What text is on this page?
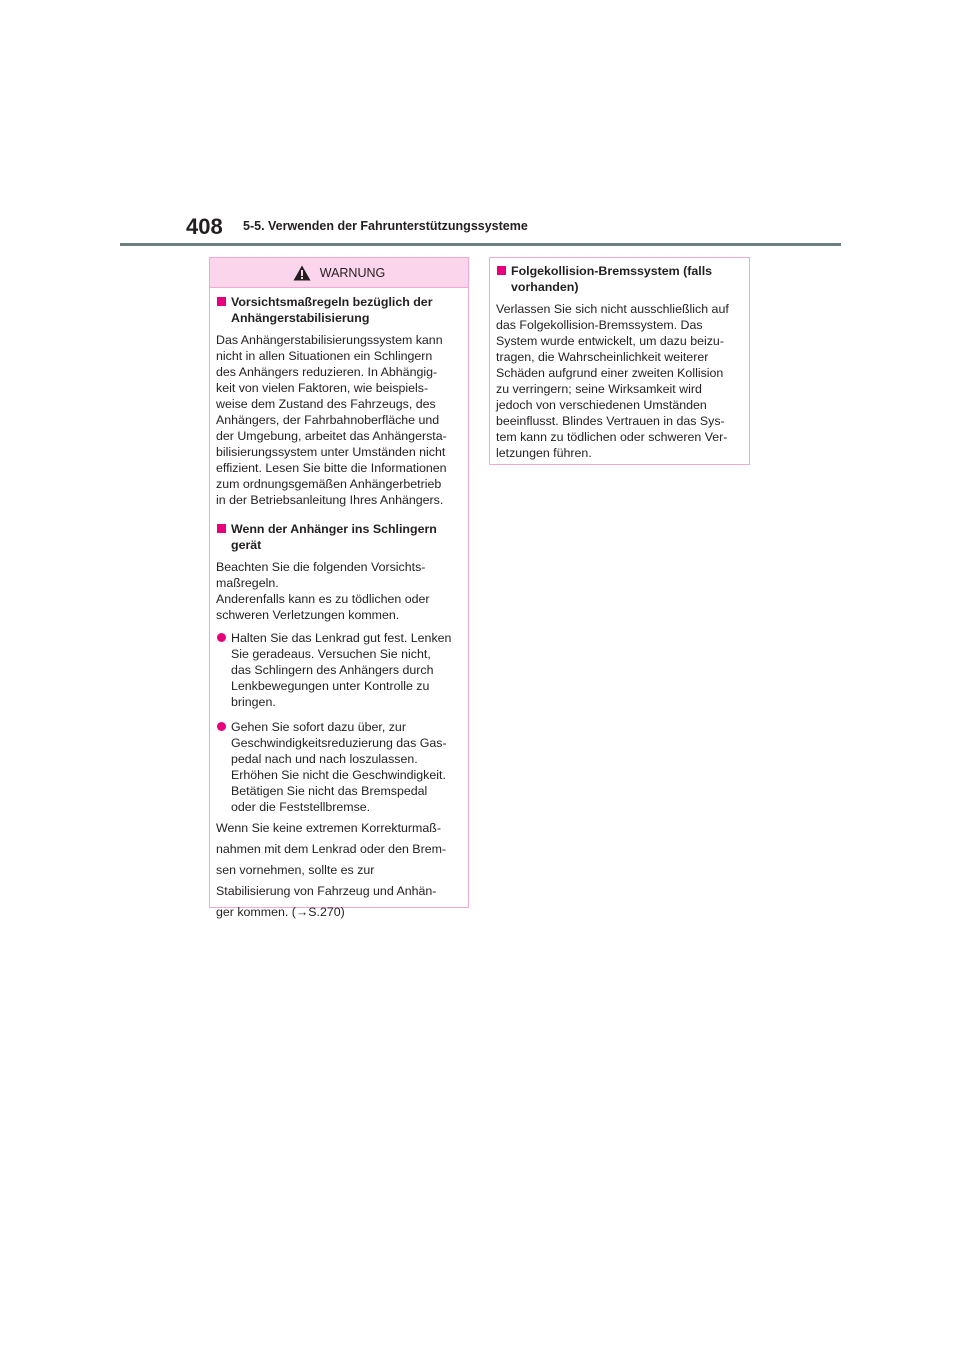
408 5-5. Verwenden der Fahrunterstützungssysteme
WARNUNG
Vorsichtsmaßregeln bezüglich der
Anhängerstabilisierung
Das Anhängerstabilisierungssystem kann
nicht in allen Situationen ein Schlingern
des Anhängers reduzieren. In Abhängig-
keit von vielen Faktoren, wie beispiels-
weise dem Zustand des Fahrzeugs, des
Anhängers, der Fahrbahnoberfläche und
der Umgebung, arbeitet das Anhängersta-
bilisierungssystem unter Umständen nicht
effizient. Lesen Sie bitte die Informationen
zum ordnungsgemäßen Anhängerbetrieb
in der Betriebsanleitung Ihres Anhängers.
Wenn der Anhänger ins Schlingern
gerät
Beachten Sie die folgenden Vorsichts-
maßregeln.
Anderenfalls kann es zu tödlichen oder
schweren Verletzungen kommen.
Halten Sie das Lenkrad gut fest. Lenken
Sie geradeaus. Versuchen Sie nicht,
das Schlingern des Anhängers durch
Lenkbewegungen unter Kontrolle zu
bringen.
Gehen Sie sofort dazu über, zur
Geschwindigkeitsreduzierung das Gas-
pedal nach und nach loszulassen.
Erhöhen Sie nicht die Geschwindigkeit.
Betätigen Sie nicht das Bremspedal
oder die Feststellbremse.
Wenn Sie keine extremen Korrekturmaß-
nahmen mit dem Lenkrad oder den Brem-
sen vornehmen, sollte es zur
Stabilisierung von Fahrzeug und Anhän-
ger kommen. (→S.270)
Folgekollision-Bremssystem (falls
vorhanden)
Verlassen Sie sich nicht ausschließlich auf
das Folgekollision-Bremssystem. Das
System wurde entwickelt, um dazu beizu-
tragen, die Wahrscheinlichkeit weiterer
Schäden aufgrund einer zweiten Kollision
zu verringern; seine Wirksamkeit wird
jedoch von verschiedenen Umständen
beeinflusst. Blindes Vertrauen in das Sys-
tem kann zu tödlichen oder schweren Ver-
letzungen führen.
